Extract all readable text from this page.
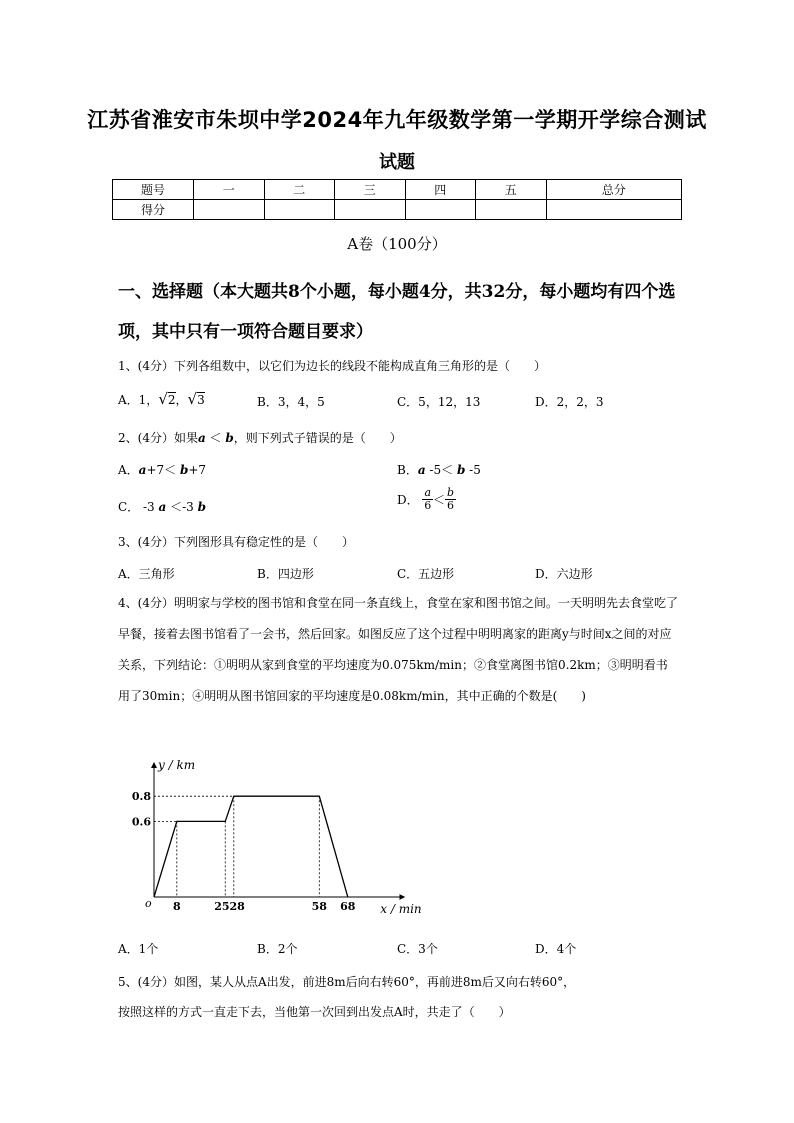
江苏省淮安市朱坝中学2024年九年级数学第一学期开学综合测试
试题
题号	一	二	三	四	五	总分
得分						
A卷（100分）
一、选择题（本大题共8个小题，每小题4分，共32分，每小题均有四个选项，其中只有一项符合题目要求）
1、(4分）下列各组数中，以它们为边长的线段不能构成直角三角形的是（　　）
A．1，√2，√3	B．3，4，5	C．5，12，13	D．2，2，3
2、(4分）如果a ＜ b，则下列式子错误的是（　　）
A．a+7＜ b+7	B．a -5＜ b -5
C． -3 a ＜-3 b	D． $\frac{a}{6} < \frac{b}{6}$
3、(4分）下列图形具有稳定性的是（　　）
A．三角形	B．四边形	C．五边形	D．六边形
4、(4分）明明家与学校的图书馆和食堂在同一条直线上，食堂在家和图书馆之间。一天明明先去食堂吃了早餐，接着去图书馆看了一会书，然后回家。如图反应了这个过程中明明离家的距离y与时间x之间的对应关系，下列结论：①明明从家到食堂的平均速度为0.075km/min；②食堂离图书馆0.2km；③明明看书用了30min；④明明从图书馆回家的平均速度是0.08km/min，其中正确的个数是(　　)
0.6
0.8
8	2528	58 68
o
y / km
x / min
A．1个	B．2个	C．3个	D．4个
5、(4分）如图，某人从点A出发，前进8m后向右转60°，再前进8m后又向右转60°，
按照这样的方式一直走下去，当他第一次回到出发点A时，共走了（　　）
